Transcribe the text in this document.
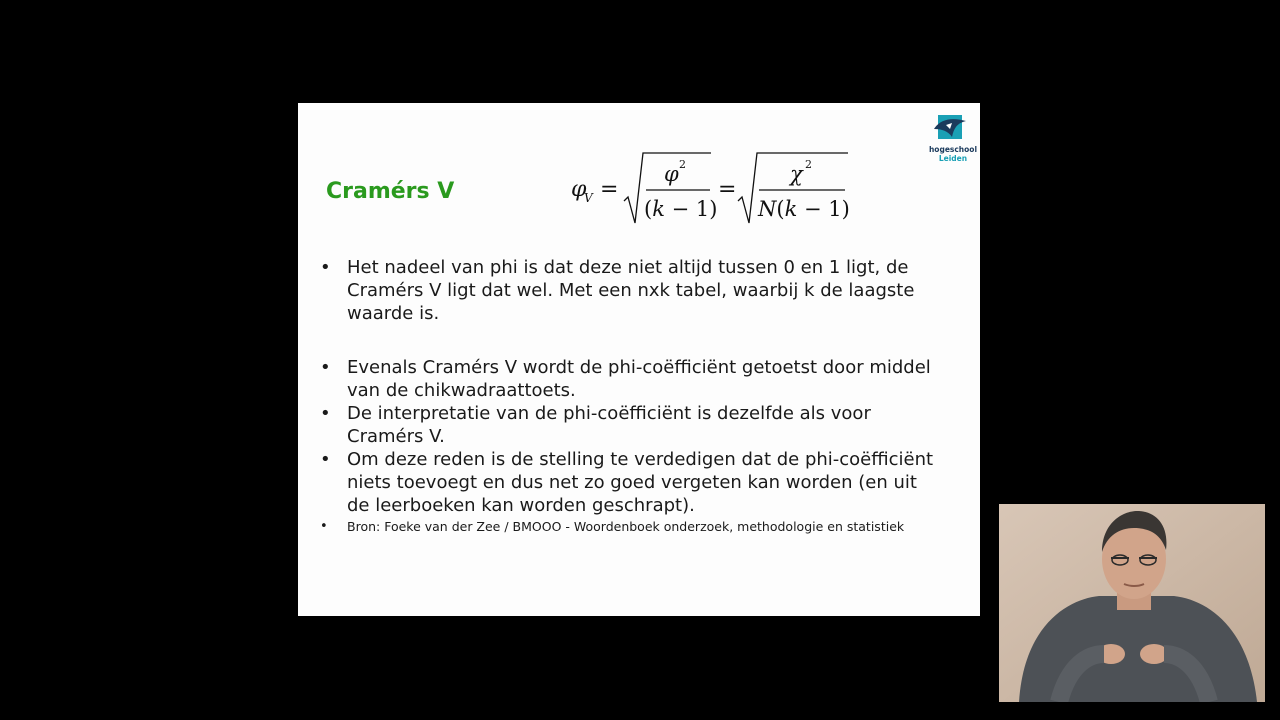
hogeschool
Leiden
Cramérs V	φ
V =
φ 2
(k − 1)
=
χ 2
N(k − 1)
• Het nadeel van phi is dat deze niet altijd tussen 0 en 1 ligt, de Cramérs V ligt dat wel. Met een nxk tabel, waarbij k de laagste waarde is.
• Evenals Cramérs V wordt de phi-coëfficiënt getoetst door middel van de chikwadraattoets.
• De interpretatie van de phi-coëfficiënt is dezelfde als voor Cramérs V.
• Om deze reden is de stelling te verdedigen dat de phi-coëfficiënt niets toevoegt en dus net zo goed vergeten kan worden (en uit de leerboeken kan worden geschrapt).
• Bron: Foeke van der Zee / BMOOO - Woordenboek onderzoek, methodologie en statistiek
